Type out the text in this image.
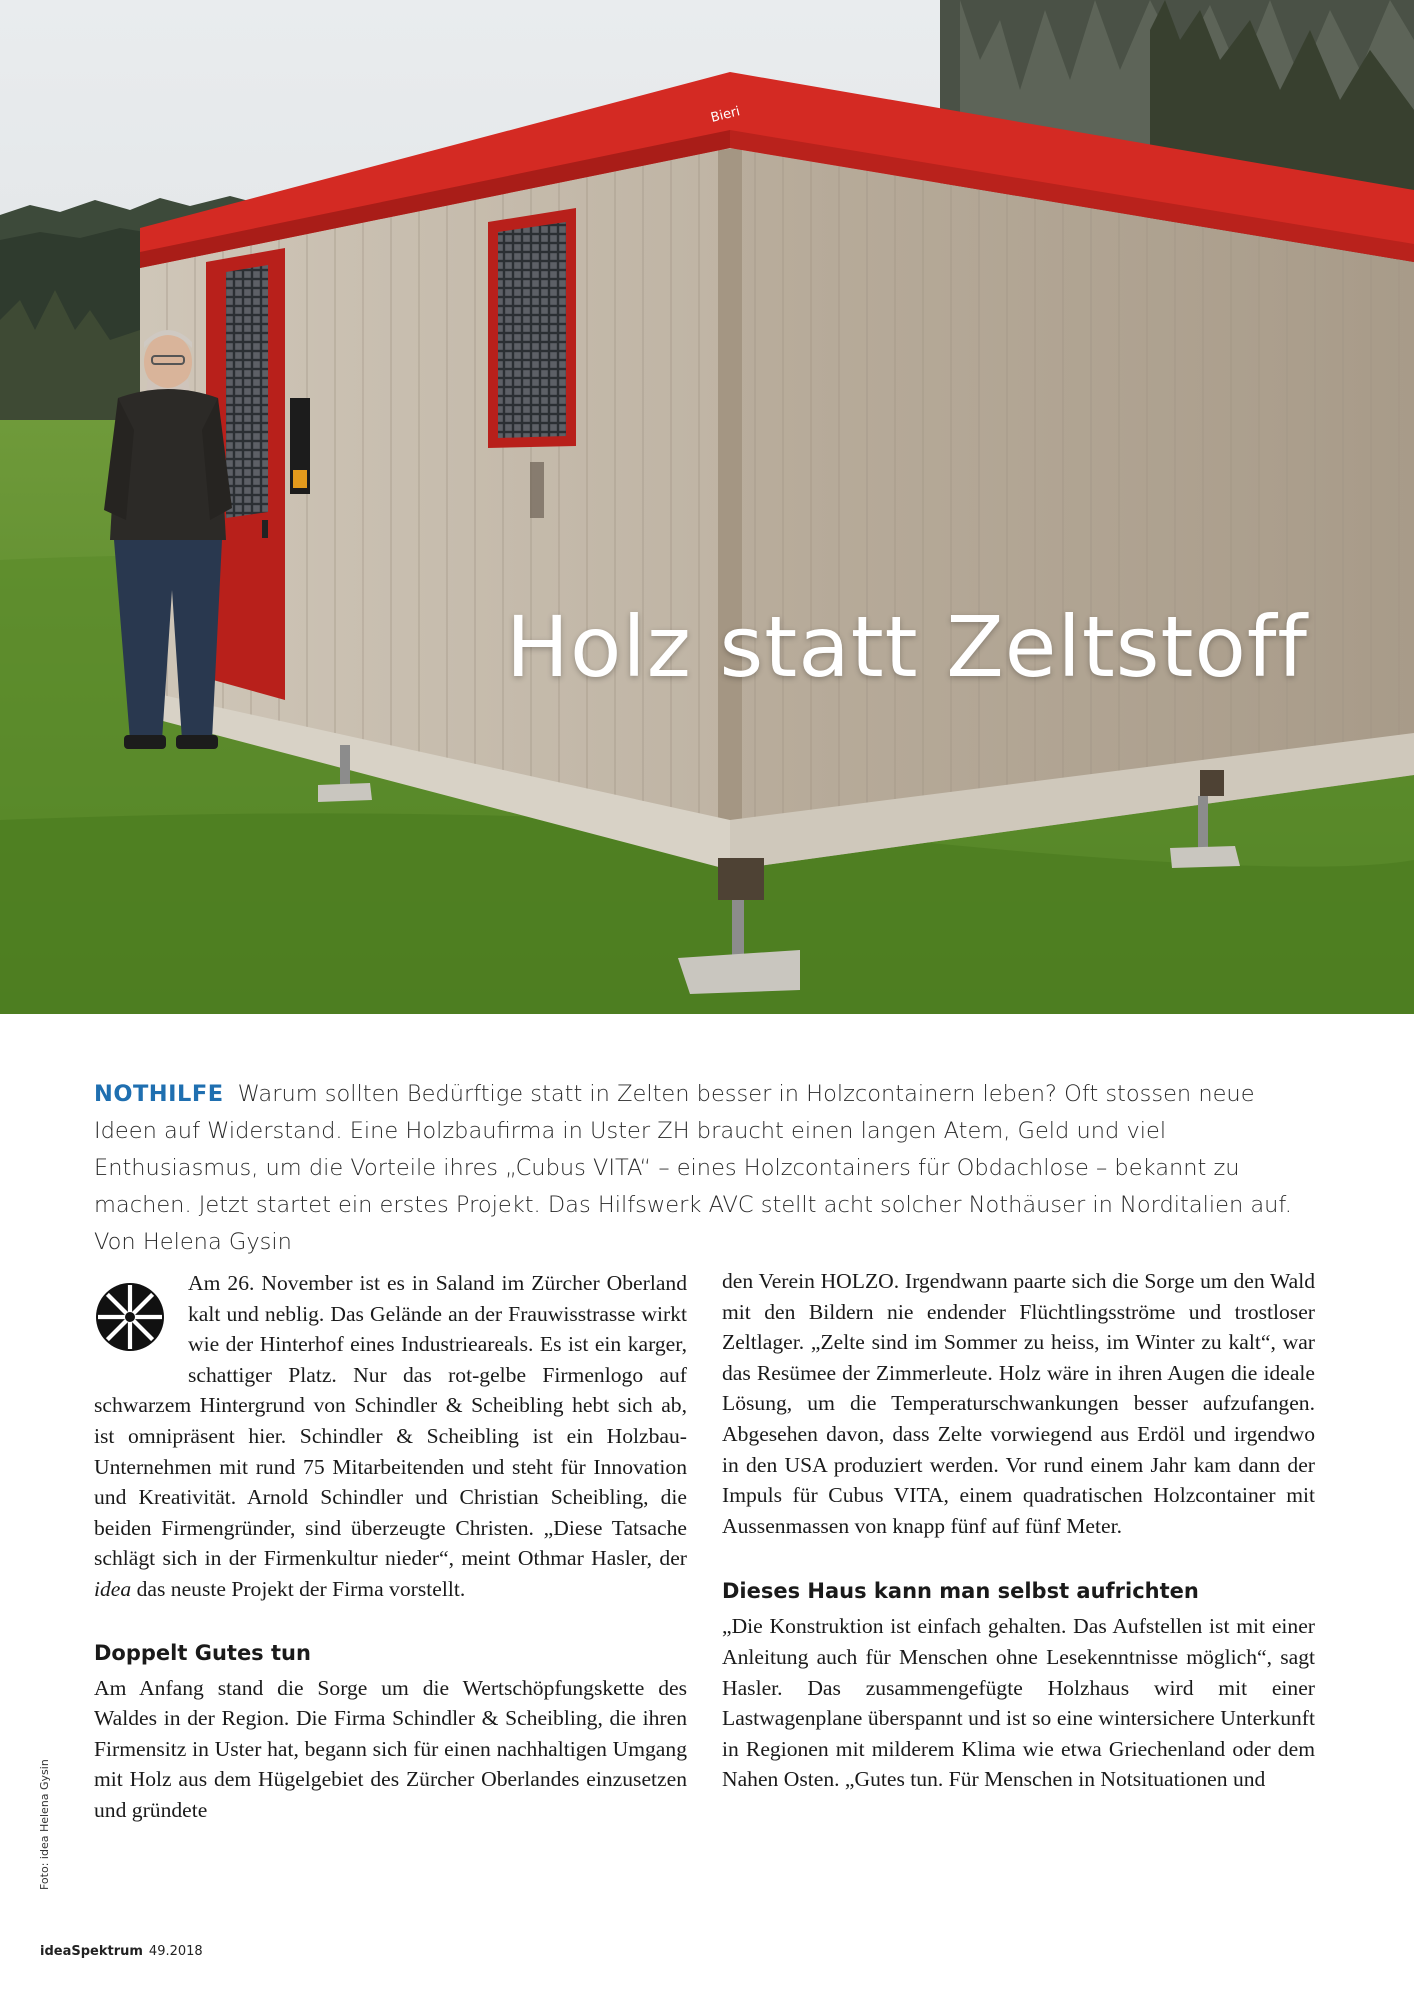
Bieri
Holz statt Zeltstoff
NOTHILFE Warum sollten Bedürftige statt in Zelten besser in Holzcontainern leben? Oft stossen neue Ideen auf Widerstand. Eine Holzbaufirma in Uster ZH braucht einen langen Atem, Geld und viel Enthusiasmus, um die Vorteile ihres „Cubus VITA“ – eines Holzcontainers für Obdachlose – bekannt zu machen. Jetzt startet ein erstes Projekt. Das Hilfswerk AVC stellt acht solcher Nothäuser in Norditalien auf. Von Helena Gysin

Am 26. November ist es in Saland im Zürcher Oberland kalt und neblig. Das Gelände an der Frauwisstrasse wirkt wie der Hinterhof eines Industrieareals. Es ist ein karger, schattiger Platz. Nur das rot-gelbe Firmenlogo auf schwarzem Hintergrund von Schindler & Scheibling hebt sich ab, ist omnipräsent hier. Schindler & Scheibling ist ein Holzbau-Unternehmen mit rund 75 Mitarbeitenden und steht für Innovation und Kreativität. Arnold Schindler und Christian Scheibling, die beiden Firmengründer, sind überzeugte Christen. „Diese Tatsache schlägt sich in der Firmenkultur nieder“, meint Othmar Hasler, der idea das neuste Projekt der Firma vorstellt.

Doppelt Gutes tun

Am Anfang stand die Sorge um die Wertschöpfungskette des Waldes in der Region. Die Firma Schindler & Scheibling, die ihren Firmensitz in Uster hat, begann sich für einen nachhaltigen Umgang mit Holz aus dem Hügelgebiet des Zürcher Oberlandes einzusetzen und gründete

den Verein HOLZO. Irgendwann paarte sich die Sorge um den Wald mit den Bildern nie endender Flüchtlingsströme und trostloser Zeltlager. „Zelte sind im Sommer zu heiss, im Winter zu kalt“, war das Resümee der Zimmerleute. Holz wäre in ihren Augen die ideale Lösung, um die Temperaturschwankungen besser aufzufangen. Abgesehen davon, dass Zelte vorwiegend aus Erdöl und irgendwo in den USA produziert werden. Vor rund einem Jahr kam dann der Impuls für Cubus VITA, einem quadratischen Holzcontainer mit Aussenmassen von knapp fünf auf fünf Meter.

Dieses Haus kann man selbst aufrichten

„Die Konstruktion ist einfach gehalten. Das Aufstellen ist mit einer Anleitung auch für Menschen ohne Lesekenntnisse möglich“, sagt Hasler. Das zusammengefügte Holzhaus wird mit einer Lastwagenplane überspannt und ist so eine wintersichere Unterkunft in Regionen mit milderem Klima wie etwa Griechenland oder dem Nahen Osten. „Gutes tun. Für Menschen in Notsituationen und

Foto: idea Helena Gysin
ideaSpektrum 49.2018
